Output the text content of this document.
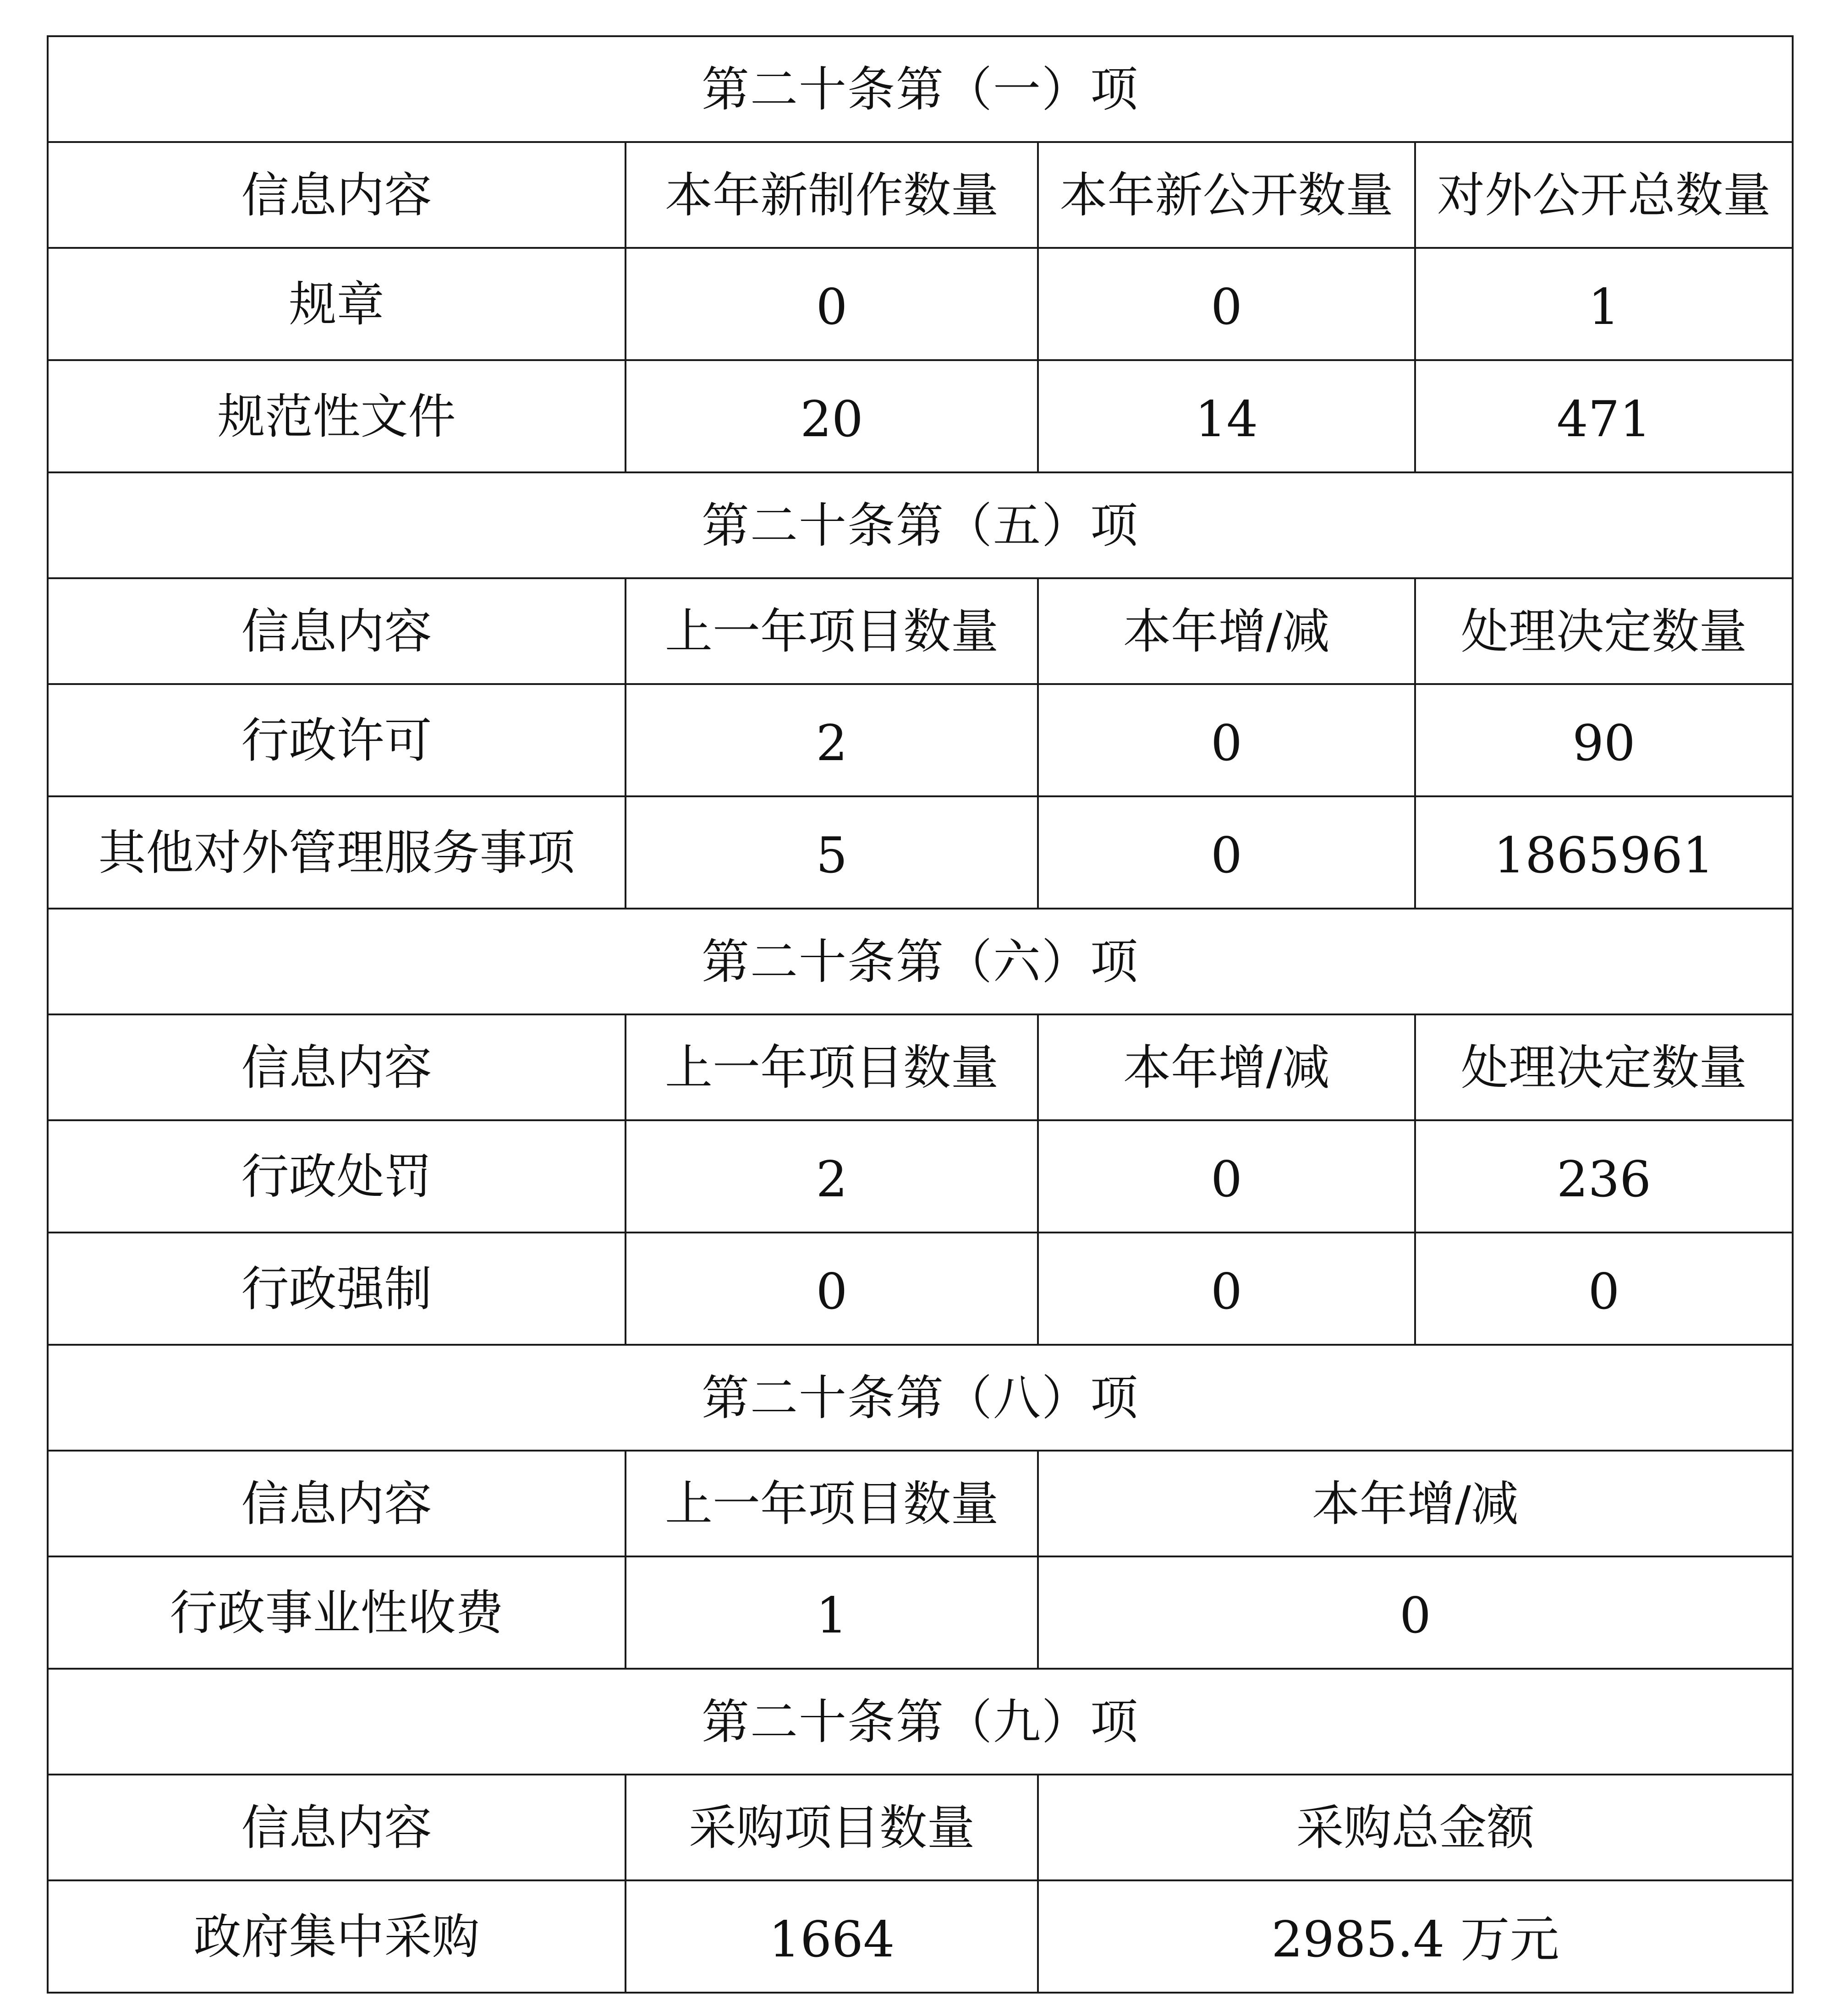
第二十条第（一）项			
信息内容	本年新制作数量	本年新公开数量	对外公开总数量
规章	0	0	1
规范性文件	20	14	471
第二十条第（五）项			
信息内容	上一年项目数量	本年增/减	处理决定数量
行政许可	2	0	90
其他对外管理服务事项	5	0	1865961
第二十条第（六）项			
信息内容	上一年项目数量	本年增/减	处理决定数量
行政处罚	2	0	236
行政强制	0	0	0
第二十条第（八）项			
信息内容	上一年项目数量	本年增/减	
行政事业性收费	1	0	
第二十条第（九）项			
信息内容	采购项目数量	采购总金额	
政府集中采购	1664	2985.4 万元	
